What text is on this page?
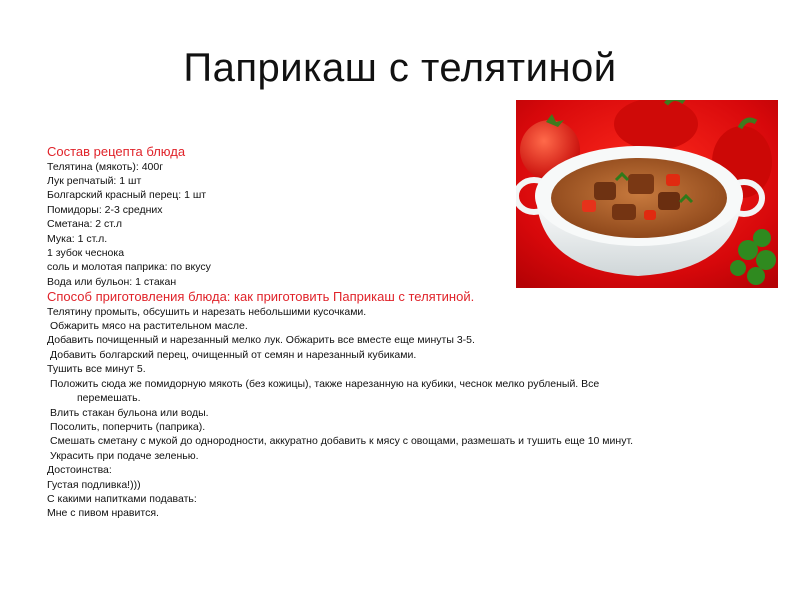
Паприкаш с телятиной
Состав рецепта блюда
Телятина (мякоть): 400г
Лук репчатый: 1 шт
Болгарский красный перец: 1 шт
Помидоры: 2-3 средних
Сметана: 2 ст.л
Мука: 1 ст.л.
1 зубок чеснока
соль и молотая паприка: по вкусу
Вода или бульон: 1 стакан
Способ приготовления блюда: как приготовить Паприкаш с телятиной.
Телятину промыть, обсушить и нарезать небольшими кусочками.
Обжарить мясо на растительном масле.
Добавить почищенный и нарезанный мелко лук. Обжарить все вместе еще минуты 3-5.
Добавить болгарский перец, очищенный от семян и нарезанный кубиками.
Тушить все минут 5.
Положить сюда же помидорную мякоть (без кожицы), также нарезанную на кубики, чеснок мелко рубленый. Все
перемешать.
Влить стакан бульона или воды.
Посолить, поперчить (паприка).
Смешать сметану с мукой до однородности, аккуратно добавить к мясу с овощами, размешать и тушить еще 10 минут.
Украсить при подаче зеленью.
Достоинства:
Густая подливка!)))
С какими напитками подавать:
Мне с пивом нравится.
